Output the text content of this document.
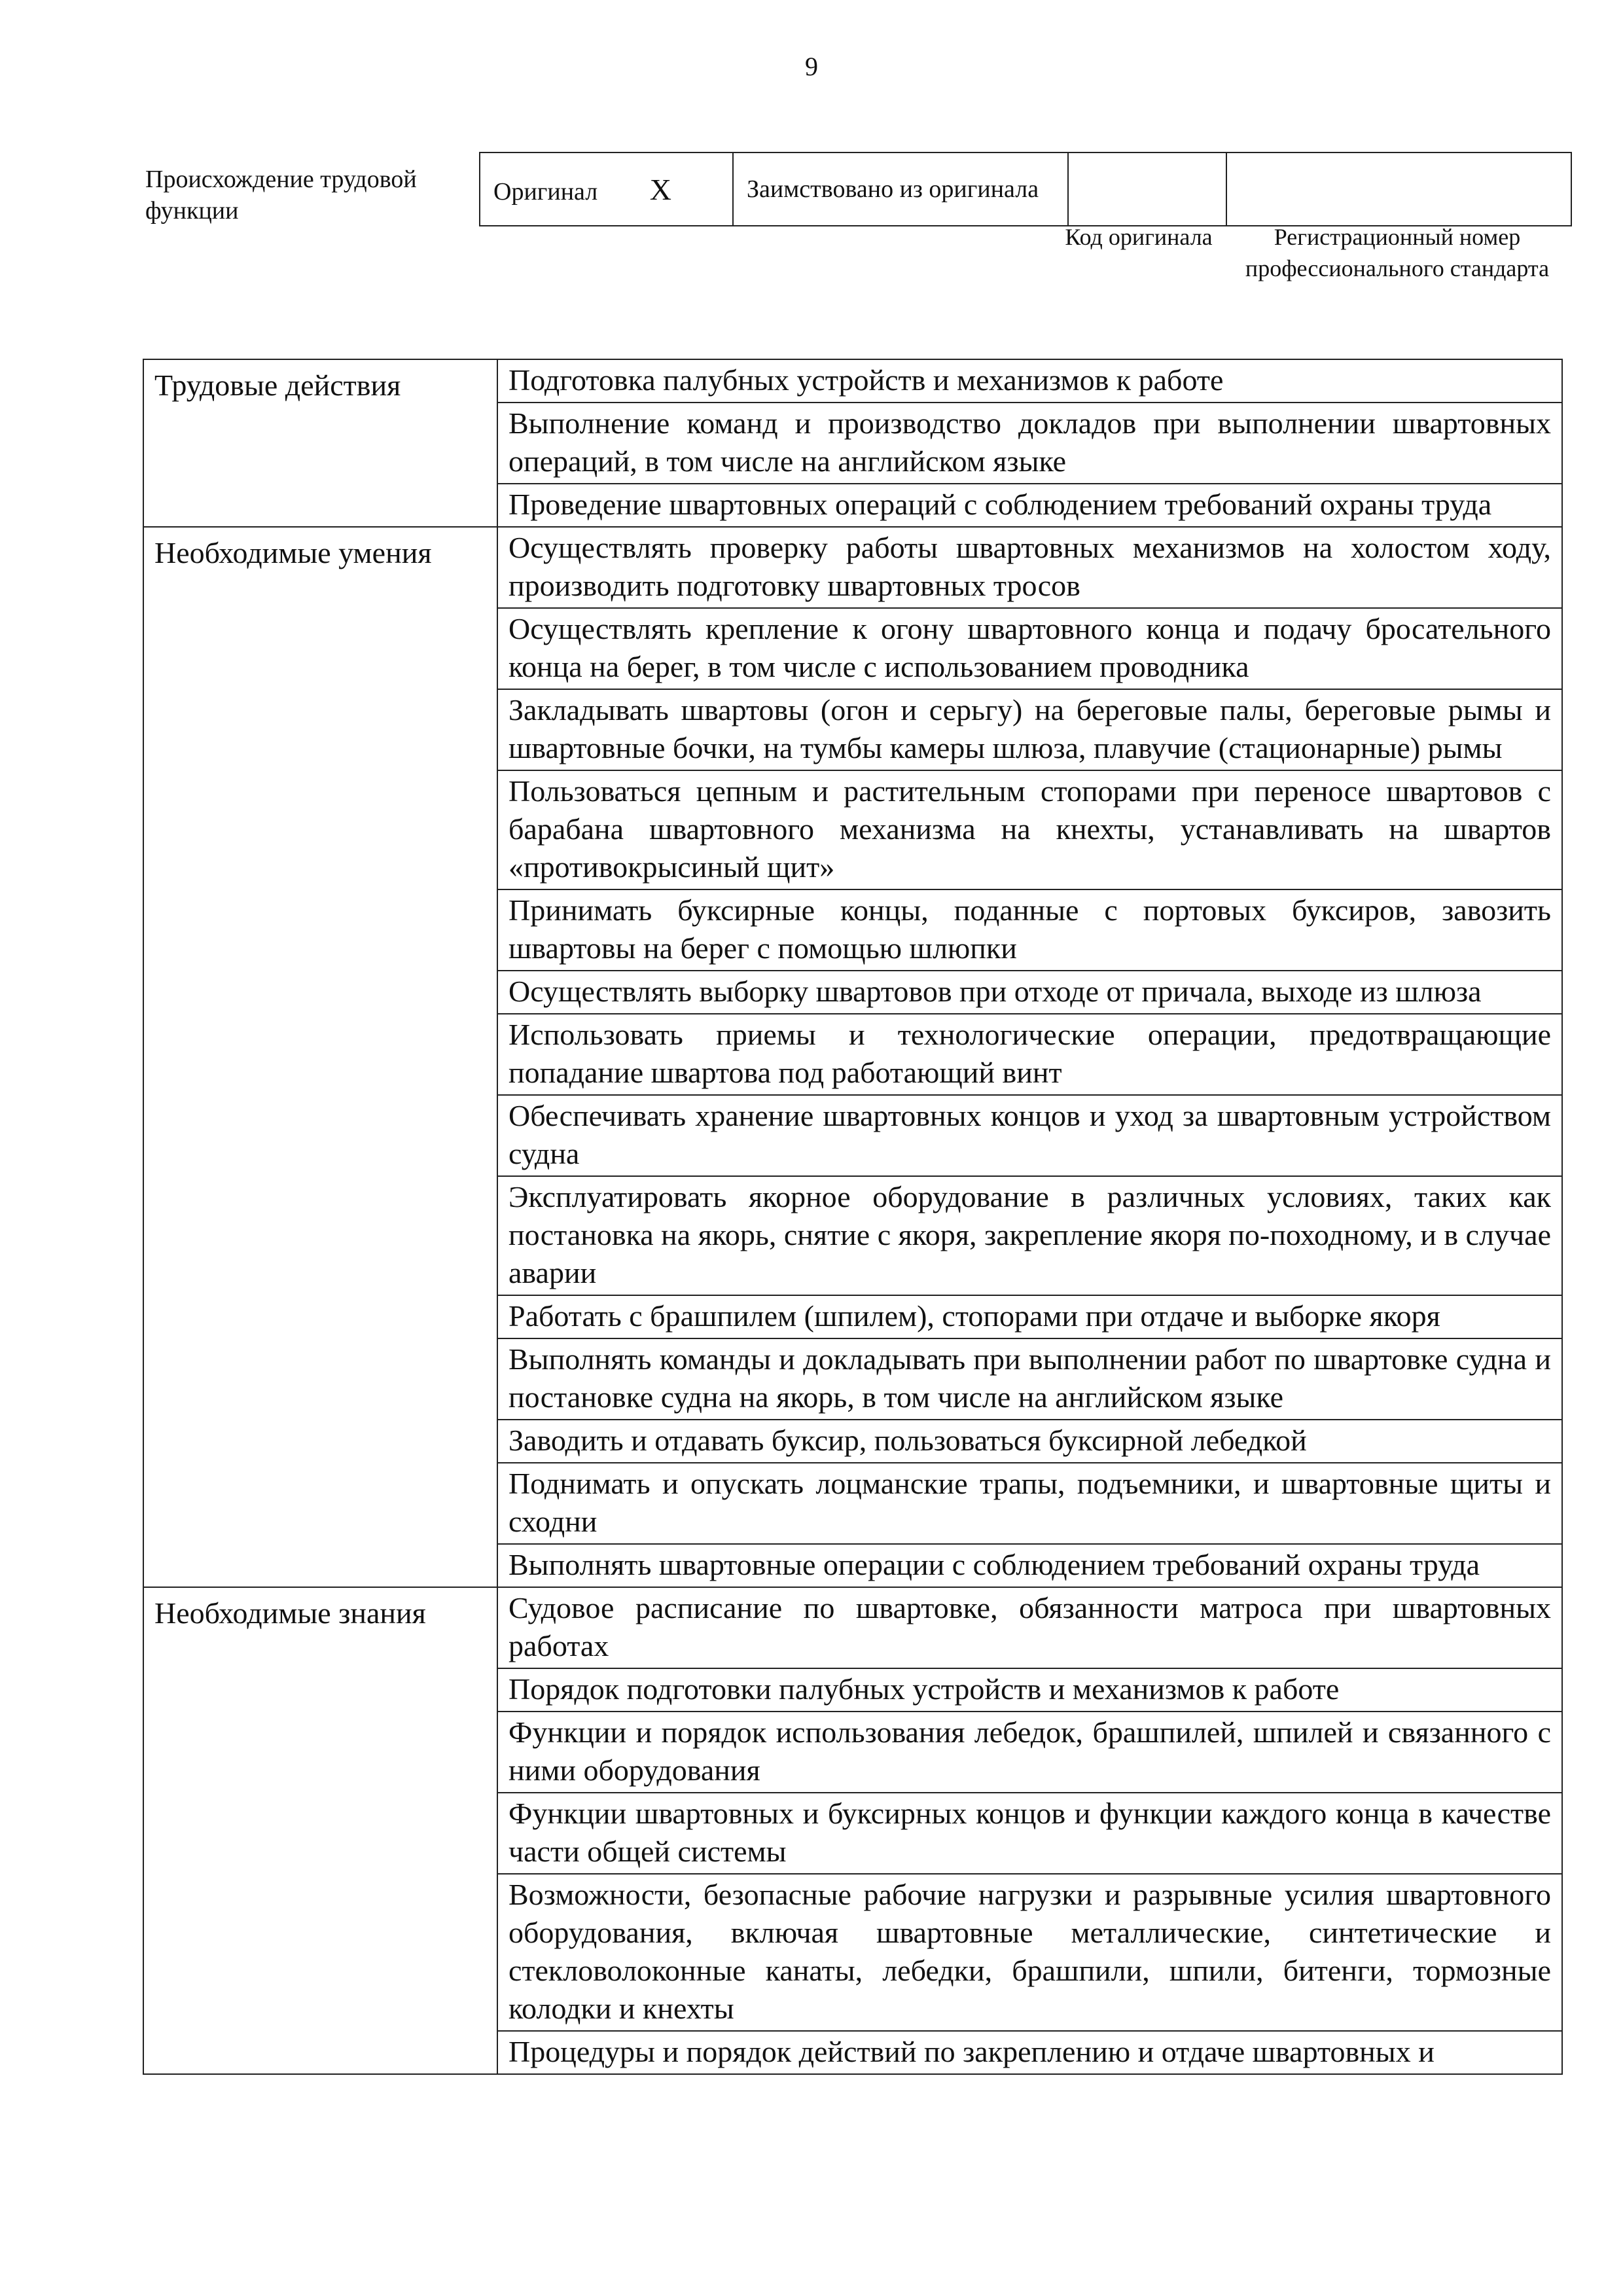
9
Происхождение трудовой функции
Оригинал X	Заимствовано из оригинала		
Код оригинала	Регистрационный номер профессионального стандарта
Трудовые действия	Подготовка палубных устройств и механизмов к работе
	Выполнение команд и производство докладов при выполнении швартовных операций, в том числе на английском языке
	Проведение швартовных операций с соблюдением требований охраны труда
Необходимые умения	Осуществлять проверку работы швартовных механизмов на холостом ходу, производить подготовку швартовных тросов
	Осуществлять крепление к огону швартовного конца и подачу бросательного конца на берег, в том числе с использованием проводника
	Закладывать швартовы (огон и серьгу) на береговые палы, береговые рымы и швартовные бочки, на тумбы камеры шлюза, плавучие (стационарные) рымы
	Пользоваться цепным и растительным стопорами при переносе швартовов с барабана швартовного механизма на кнехты, устанавливать на швартов «противокрысиный щит»
	Принимать буксирные концы, поданные с портовых буксиров, завозить швартовы на берег с помощью шлюпки
	Осуществлять выборку швартовов при отходе от причала, выходе из шлюза
	Использовать приемы и технологические операции, предотвращающие попадание швартова под работающий винт
	Обеспечивать хранение швартовных концов и уход за швартовным устройством судна
	Эксплуатировать якорное оборудование в различных условиях, таких как постановка на якорь, снятие с якоря, закрепление якоря по-походному, и в случае аварии
	Работать с брашпилем (шпилем), стопорами при отдаче и выборке якоря
	Выполнять команды и докладывать при выполнении работ по швартовке судна и постановке судна на якорь, в том числе на английском языке
	Заводить и отдавать буксир, пользоваться буксирной лебедкой
	Поднимать и опускать лоцманские трапы, подъемники, и швартовные щиты и сходни
	Выполнять швартовные операции с соблюдением требований охраны труда
Необходимые знания	Судовое расписание по швартовке, обязанности матроса при швартовных работах
	Порядок подготовки палубных устройств и механизмов к работе
	Функции и порядок использования лебедок, брашпилей, шпилей и связанного с ними оборудования
	Функции швартовных и буксирных концов и функции каждого конца в качестве части общей системы
	Возможности, безопасные рабочие нагрузки и разрывные усилия швартовного оборудования, включая швартовные металлические, синтетические и стекловолоконные канаты, лебедки, брашпили, шпили, битенги, тормозные колодки и кнехты
	Процедуры и порядок действий по закреплению и отдаче швартовных и
